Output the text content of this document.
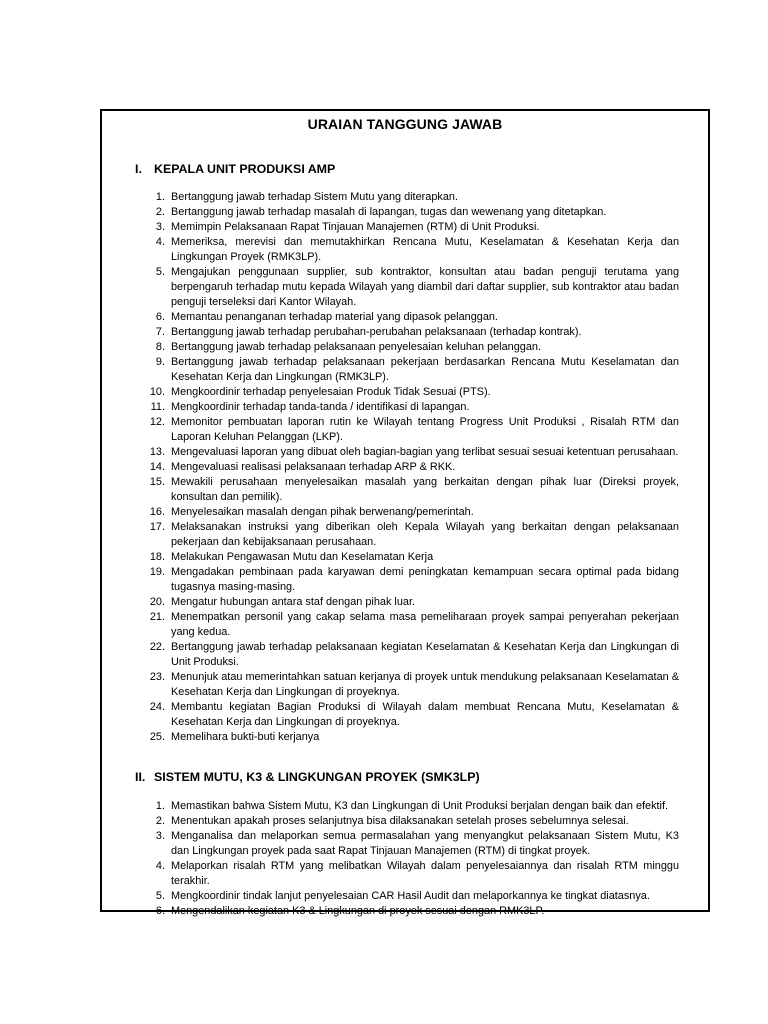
URAIAN TANGGUNG JAWAB
I. KEPALA UNIT PRODUKSI AMP
1. Bertanggung jawab terhadap Sistem Mutu yang diterapkan.
2. Bertanggung jawab terhadap masalah di lapangan, tugas dan wewenang yang ditetapkan.
3. Memimpin Pelaksanaan Rapat Tinjauan Manajemen (RTM) di Unit Produksi.
4. Memeriksa, merevisi dan memutakhirkan Rencana Mutu, Keselamatan & Kesehatan Kerja dan Lingkungan Proyek (RMK3LP).
5. Mengajukan penggunaan supplier, sub kontraktor, konsultan atau badan penguji terutama yang berpengaruh terhadap mutu kepada Wilayah yang diambil dari daftar supplier, sub kontraktor atau badan penguji terseleksi dari Kantor Wilayah.
6. Memantau penanganan terhadap material yang dipasok pelanggan.
7. Bertanggung jawab terhadap perubahan-perubahan pelaksanaan (terhadap kontrak).
8. Bertanggung jawab terhadap pelaksanaan penyelesaian keluhan pelanggan.
9. Bertanggung jawab terhadap pelaksanaan pekerjaan berdasarkan Rencana Mutu Keselamatan dan Kesehatan Kerja dan Lingkungan (RMK3LP).
10. Mengkoordinir terhadap penyelesaian Produk Tidak Sesuai (PTS).
11. Mengkoordinir terhadap tanda-tanda / identifikasi di lapangan.
12. Memonitor pembuatan laporan rutin ke Wilayah tentang Progress Unit Produksi , Risalah RTM dan Laporan Keluhan Pelanggan (LKP).
13. Mengevaluasi laporan yang dibuat oleh bagian-bagian yang terlibat sesuai sesuai ketentuan perusahaan.
14. Mengevaluasi realisasi pelaksanaan terhadap ARP & RKK.
15. Mewakili perusahaan menyelesaikan masalah yang berkaitan dengan pihak luar (Direksi proyek, konsultan dan pemilik).
16. Menyelesaikan masalah dengan pihak berwenang/pemerintah.
17. Melaksanakan instruksi yang diberikan oleh Kepala Wilayah yang berkaitan dengan pelaksanaan pekerjaan dan kebijaksanaan perusahaan.
18. Melakukan Pengawasan Mutu dan Keselamatan Kerja
19. Mengadakan pembinaan pada karyawan demi peningkatan kemampuan secara optimal pada bidang tugasnya masing-masing.
20. Mengatur hubungan antara staf dengan pihak luar.
21. Menempatkan personil yang cakap selama masa pemeliharaan proyek sampai penyerahan pekerjaan yang kedua.
22. Bertanggung jawab terhadap pelaksanaan kegiatan Keselamatan & Kesehatan Kerja dan Lingkungan di Unit Produksi.
23. Menunjuk atau memerintahkan satuan kerjanya di proyek untuk mendukung pelaksanaan Keselamatan & Kesehatan Kerja dan Lingkungan di proyeknya.
24. Membantu kegiatan Bagian Produksi di Wilayah dalam membuat Rencana Mutu, Keselamatan & Kesehatan Kerja dan Lingkungan di proyeknya.
25. Memelihara bukti-buti kerjanya
II. SISTEM MUTU, K3 & LINGKUNGAN PROYEK (SMK3LP)
1. Memastikan bahwa Sistem Mutu, K3 dan Lingkungan di Unit Produksi berjalan dengan baik dan efektif.
2. Menentukan apakah proses selanjutnya bisa dilaksanakan setelah proses sebelumnya selesai.
3. Menganalisa dan melaporkan semua permasalahan yang menyangkut pelaksanaan Sistem Mutu, K3 dan Lingkungan proyek pada saat Rapat Tinjauan Manajemen (RTM) di tingkat proyek.
4. Melaporkan risalah RTM yang melibatkan Wilayah dalam penyelesaiannya dan risalah RTM minggu terakhir.
5. Mengkoordinir tindak lanjut penyelesaian CAR Hasil Audit dan melaporkannya ke tingkat diatasnya.
6. Mengendalikan kegiatan K3 & Lingkungan di proyek sesuai dengan RMK3LP.
